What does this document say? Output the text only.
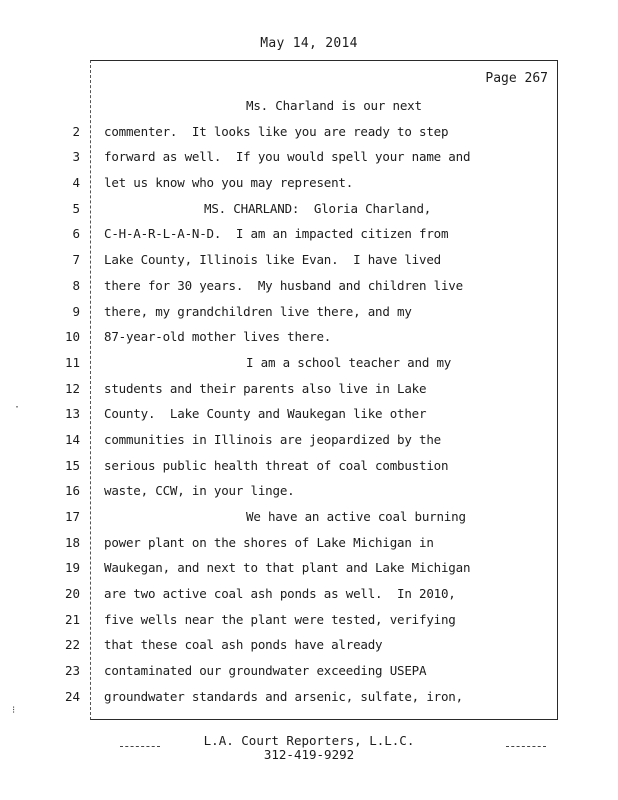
May 14, 2014
Page 267
2
3
4
5
6
7
8
9
10
11
12
13
14
15
16
17
18
19
20
21
22
23
24
Ms. Charland is our next
commenter.  It looks like you are ready to step
forward as well.  If you would spell your name and
let us know who you may represent.
MS. CHARLAND:  Gloria Charland,
C-H-A-R-L-A-N-D.  I am an impacted citizen from
Lake County, Illinois like Evan.  I have lived
there for 30 years.  My husband and children live
there, my grandchildren live there, and my
87-year-old mother lives there.
I am a school teacher and my
students and their parents also live in Lake
County.  Lake County and Waukegan like other
communities in Illinois are jeopardized by the
serious public health threat of coal combustion
waste, CCW, in your linge.
We have an active coal burning
power plant on the shores of Lake Michigan in
Waukegan, and next to that plant and Lake Michigan
are two active coal ash ponds as well.  In 2010,
five wells near the plant were tested, verifying
that these coal ash ponds have already
contaminated our groundwater exceeding USEPA
groundwater standards and arsenic, sulfate, iron,
·
⁝
L.A. Court Reporters, L.L.C.
312-419-9292
